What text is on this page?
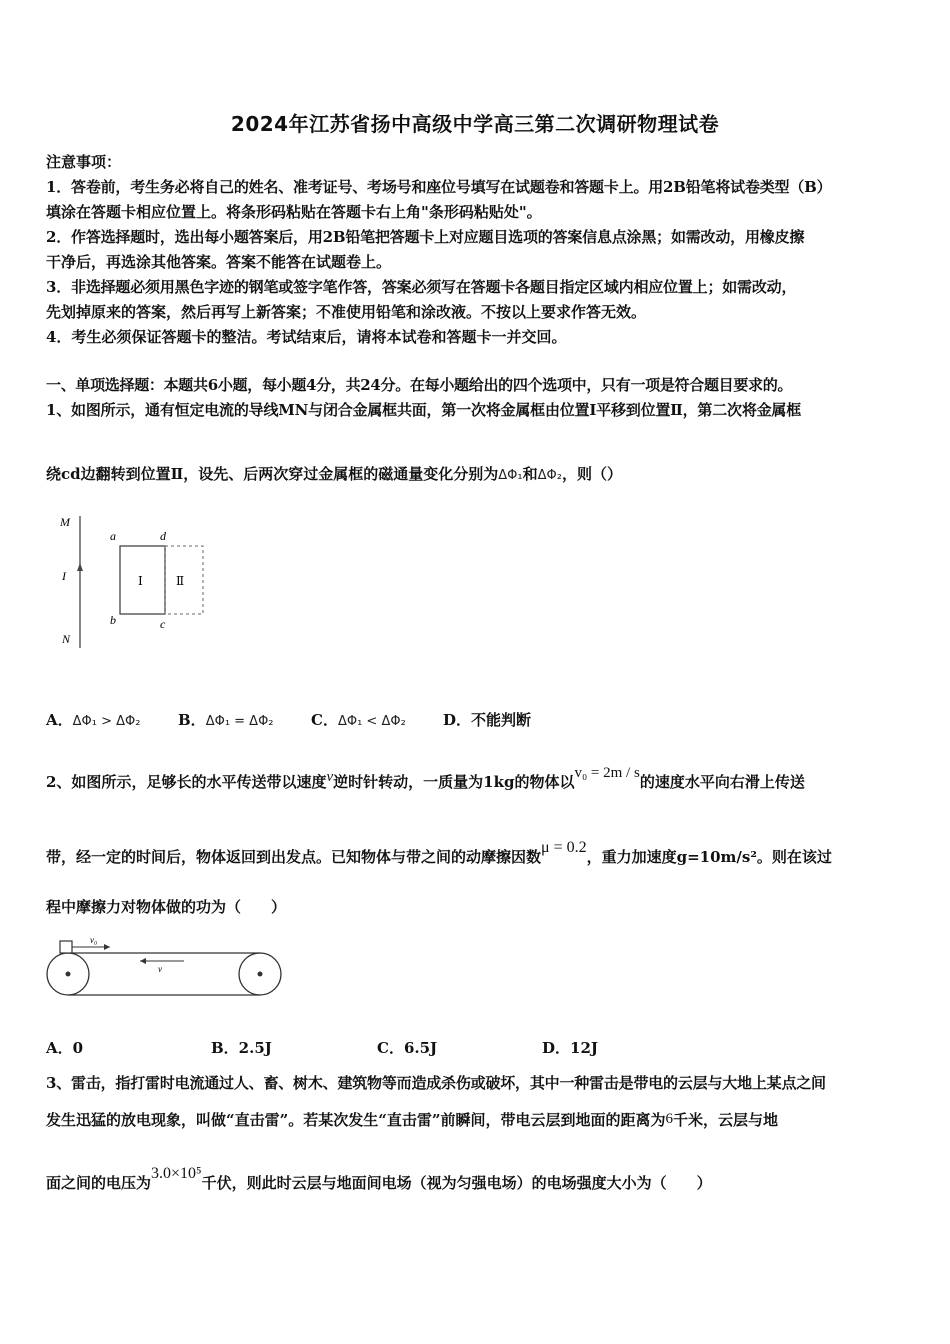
2024年江苏省扬中高级中学高三第二次调研物理试卷
注意事项：
1．答卷前，考生务必将自己的姓名、准考证号、考场号和座位号填写在试题卷和答题卡上。用2B铅笔将试卷类型（B）
填涂在答题卡相应位置上。将条形码粘贴在答题卡右上角"条形码粘贴处"。
2．作答选择题时，选出每小题答案后，用2B铅笔把答题卡上对应题目选项的答案信息点涂黑；如需改动，用橡皮擦
干净后，再选涂其他答案。答案不能答在试题卷上。
3．非选择题必须用黑色字迹的钢笔或签字笔作答，答案必须写在答题卡各题目指定区域内相应位置上；如需改动，
先划掉原来的答案，然后再写上新答案；不准使用铅笔和涂改液。不按以上要求作答无效。
4．考生必须保证答题卡的整洁。考试结束后，请将本试卷和答题卡一并交回。
一、单项选择题：本题共6小题，每小题4分，共24分。在每小题给出的四个选项中，只有一项是符合题目要求的。
1、如图所示，通有恒定电流的导线MN与闭合金属框共面，第一次将金属框由位置Ⅰ平移到位置Ⅱ，第二次将金属框
绕cd边翻转到位置Ⅱ，设先、后两次穿过金属框的磁通量变化分别为ΔΦ₁和ΔΦ₂，则（）
M
I
N
a	d
b	c
Ⅰ	Ⅱ
A．ΔΦ₁ > ΔΦ₂	B．ΔΦ₁ = ΔΦ₂ C．ΔΦ₁ < ΔΦ₂ D．不能判断
2、如图所示，足够长的水平传送带以速度v逆时针转动，一质量为1kg的物体以v₀ = 2m / s的速度水平向右滑上传送
带，经一定的时间后，物体返回到出发点。已知物体与带之间的动摩擦因数μ = 0.2，重力加速度g=10m/s²。则在该过
程中摩擦力对物体做的功为（　　）
v₀
v
A．0	B．2.5J	C．6.5J	D．12J
3、雷击，指打雷时电流通过人、畜、树木、建筑物等而造成杀伤或破坏，其中一种雷击是带电的云层与大地上某点之间
发生迅猛的放电现象，叫做“直击雷”。若某次发生“直击雷”前瞬间，带电云层到地面的距离为6千米，云层与地
面之间的电压为3.0×10⁵千伏，则此时云层与地面间电场（视为匀强电场）的电场强度大小为（　　）
